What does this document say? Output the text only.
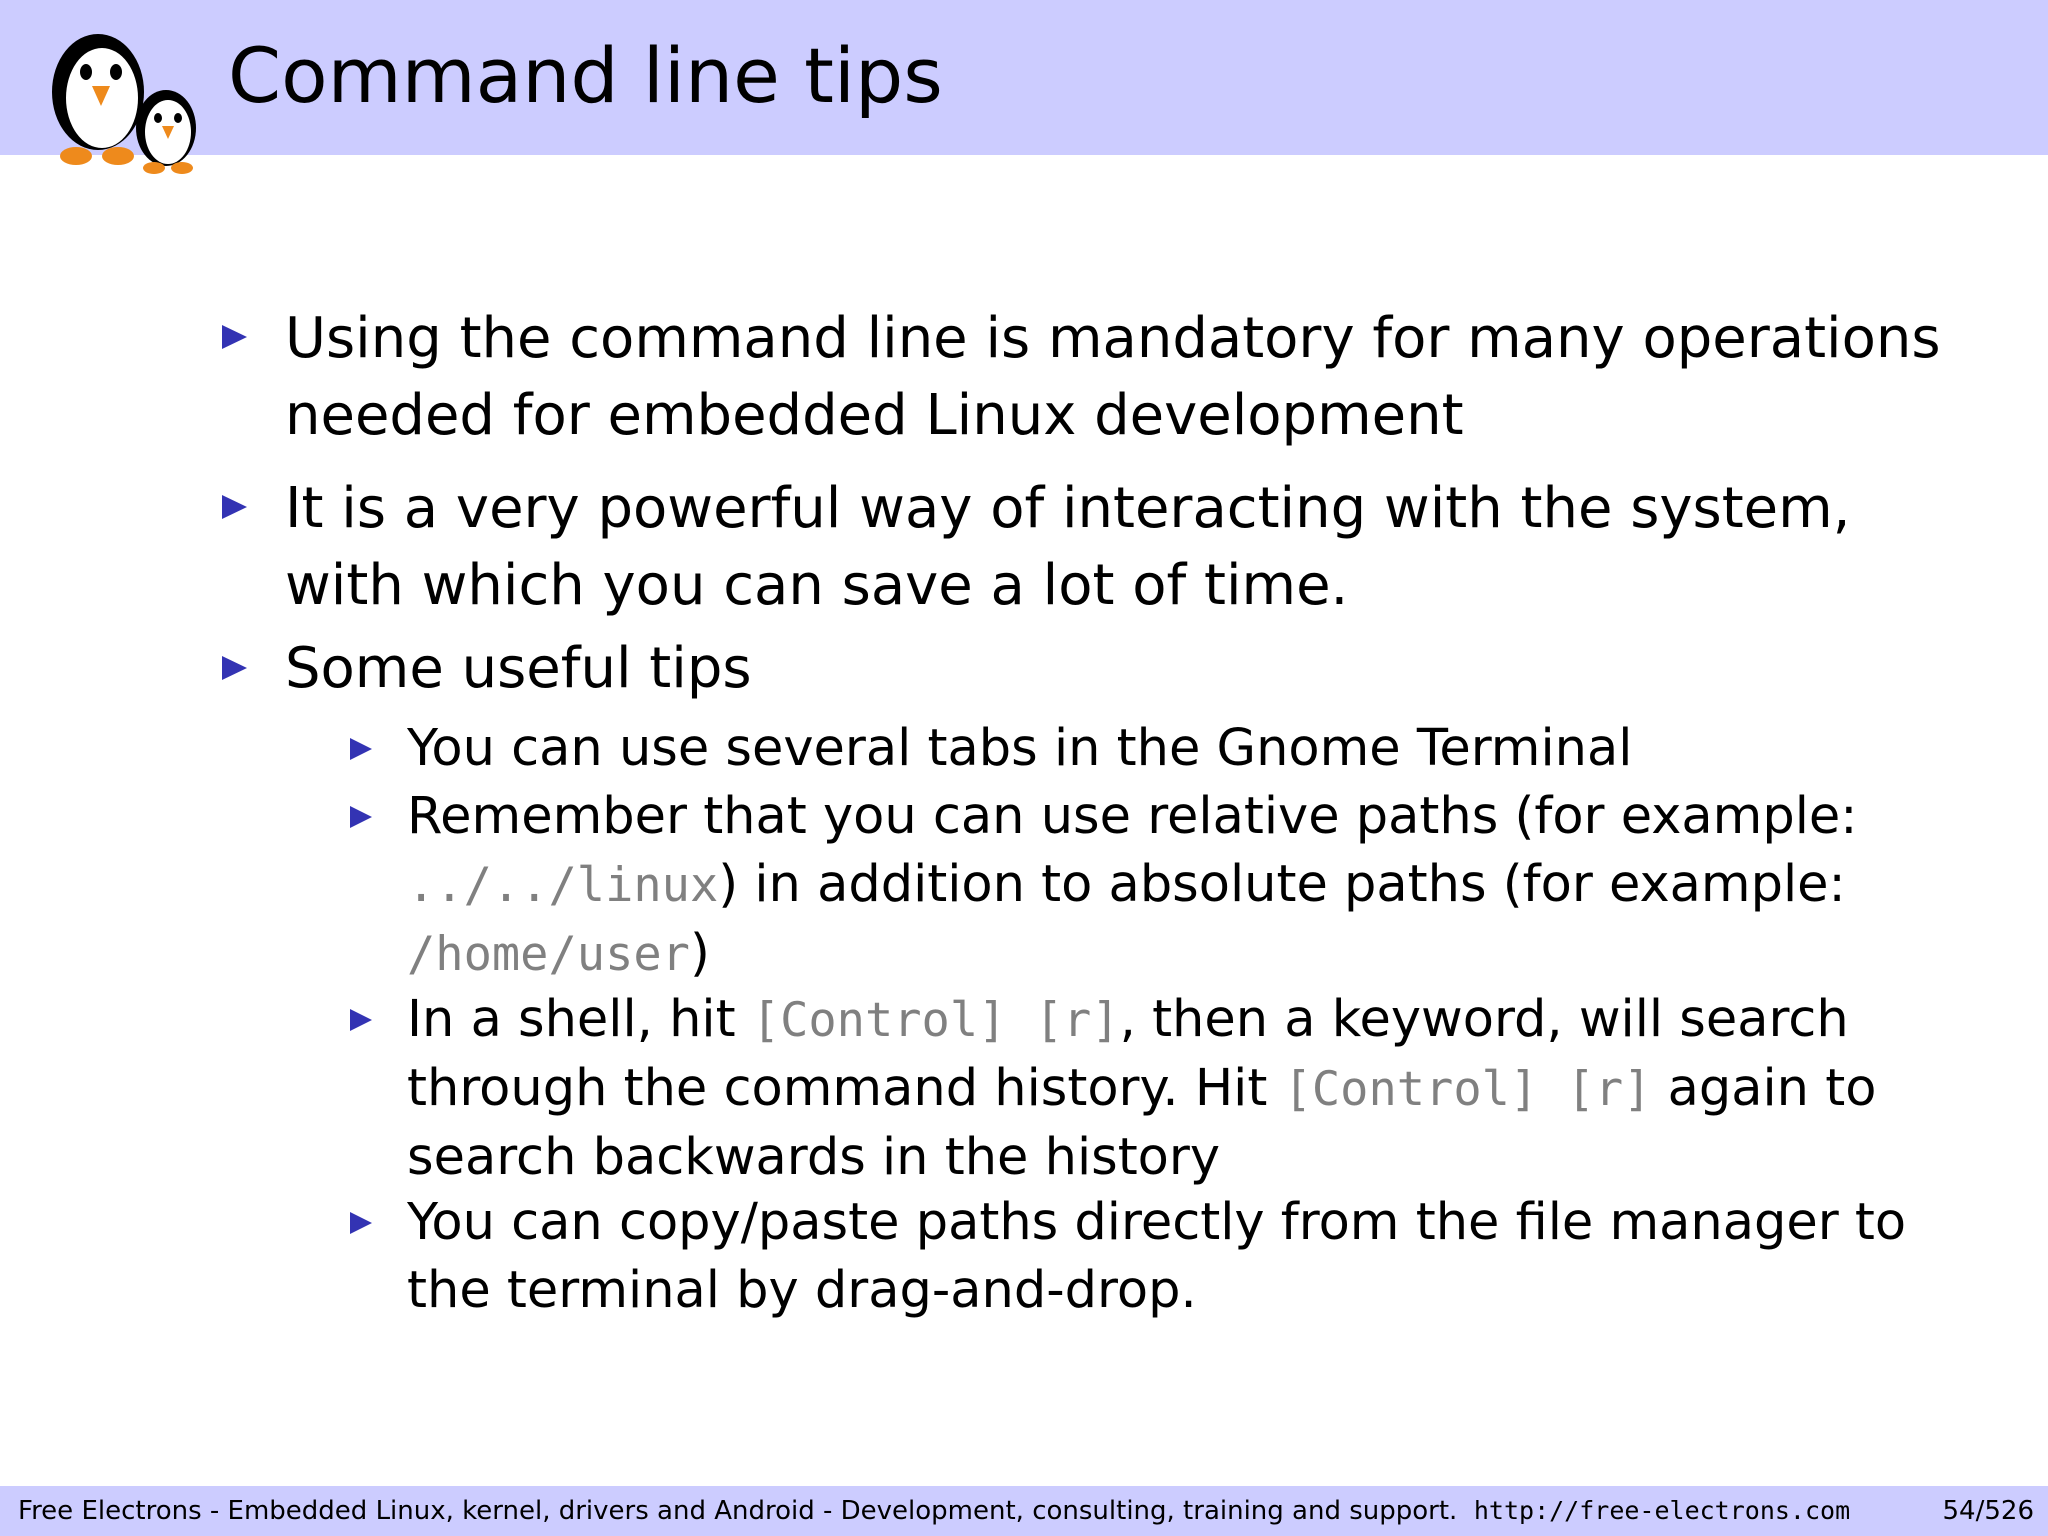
Command line tips
Using the command line is mandatory for many operations needed for embedded Linux development
It is a very powerful way of interacting with the system, with which you can save a lot of time.
Some useful tips
You can use several tabs in the Gnome Terminal
Remember that you can use relative paths (for example: ../../linux) in addition to absolute paths (for example: /home/user)
In a shell, hit [Control] [r], then a keyword, will search through the command history. Hit [Control] [r] again to search backwards in the history
You can copy/paste paths directly from the file manager to the terminal by drag-and-drop.
Free Electrons - Embedded Linux, kernel, drivers and Android - Development, consulting, training and support. http://free-electrons.com	54/526
